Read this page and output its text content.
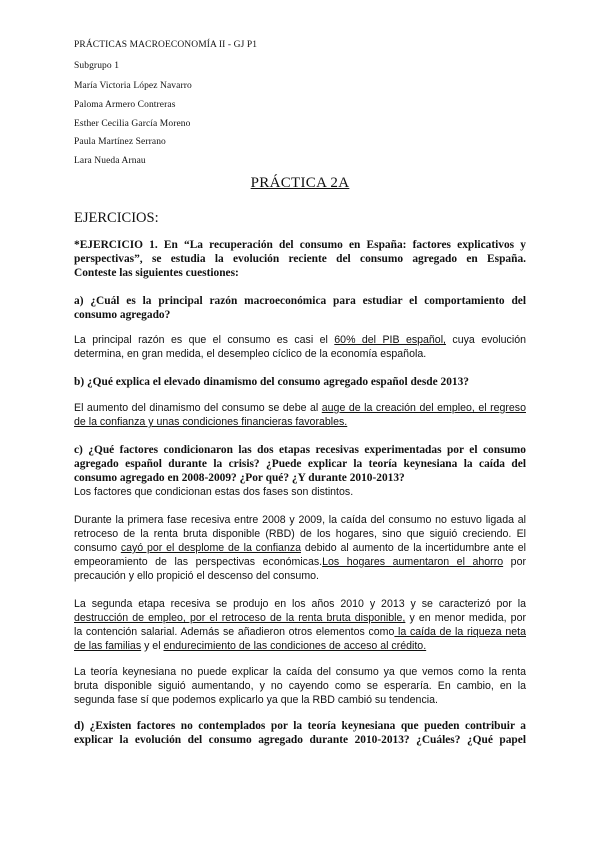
PRÁCTICAS MACROECONOMÍA II - GJ P1
Subgrupo 1
María Victoria López Navarro
Paloma Armero Contreras
Esther Cecilia García Moreno
Paula Martínez Serrano
Lara Nueda Arnau
PRÁCTICA 2A
EJERCICIOS:
*EJERCICIO 1. En “La recuperación del consumo en España: factores explicativos y
perspectivas”, se estudia la evolución reciente del consumo agregado en España.
Conteste las siguientes cuestiones:
a) ¿Cuál es la principal razón macroeconómica para estudiar el comportamiento del
consumo agregado?
La principal razón es que el consumo es casi el 60% del PIB español, cuya evolución
determina, en gran medida, el desempleo cíclico de la economía española.
b) ¿Qué explica el elevado dinamismo del consumo agregado español desde 2013?
El aumento del dinamismo del consumo se debe al auge de la creación del empleo, el regreso
de la confianza y unas condiciones financieras favorables.
c) ¿Qué factores condicionaron las dos etapas recesivas experimentadas por el consumo
agregado español durante la crisis? ¿Puede explicar la teoría keynesiana la caída del
consumo agregado en 2008-2009? ¿Por qué? ¿Y durante 2010-2013?
Los factores que condicionan estas dos fases son distintos.
Durante la primera fase recesiva entre 2008 y 2009, la caída del consumo no estuvo ligada al
retroceso de la renta bruta disponible (RBD) de los hogares, sino que siguió creciendo. El
consumo cayó por el desplome de la confianza debido al aumento de la incertidumbre ante el
empeoramiento de las perspectivas económicas.Los hogares aumentaron el ahorro por
precaución y ello propició el descenso del consumo.
La segunda etapa recesiva se produjo en los años 2010 y 2013 y se caracterizó por la
destrucción de empleo, por el retroceso de la renta bruta disponible, y en menor medida, por
la contención salarial. Además se añadieron otros elementos como la caída de la riqueza neta
de las familias y el endurecimiento de las condiciones de acceso al crédito.
La teoría keynesiana no puede explicar la caída del consumo ya que vemos como la renta
bruta disponible siguió aumentando, y no cayendo como se esperaría. En cambio, en la
segunda fase sí que podemos explicarlo ya que la RBD cambió su tendencia.
d) ¿Existen factores no contemplados por la teoría keynesiana que pueden contribuir a
explicar la evolución del consumo agregado durante 2010-2013? ¿Cuáles? ¿Qué papel
